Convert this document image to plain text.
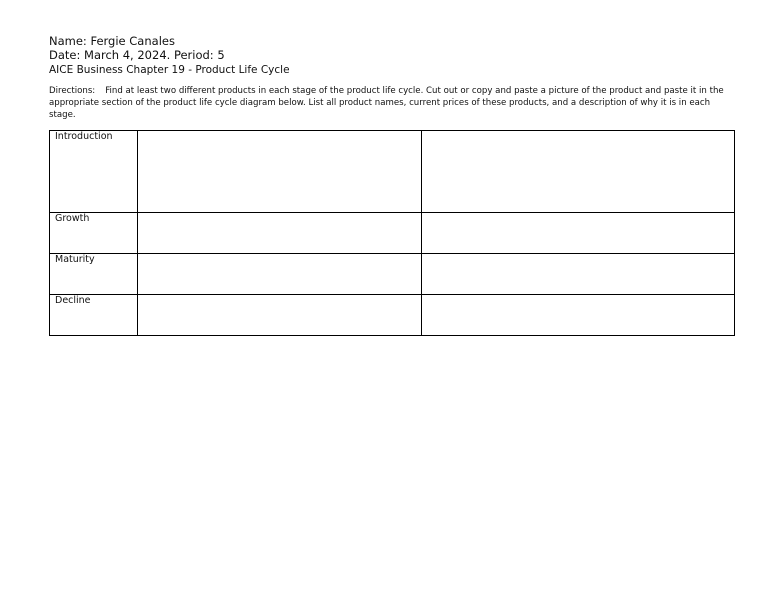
Name: Fergie Canales
Date: March 4, 2024. Period: 5
AICE Business Chapter 19 - Product Life Cycle

Directions: Find at least two different products in each stage of the product life cycle. Cut out or copy and paste a picture of the product and paste it in the appropriate section of the product life cycle diagram below. List all product names, current prices of these products, and a description of why it is in each stage.

Introduction		
Growth		
Maturity		
Decline		
